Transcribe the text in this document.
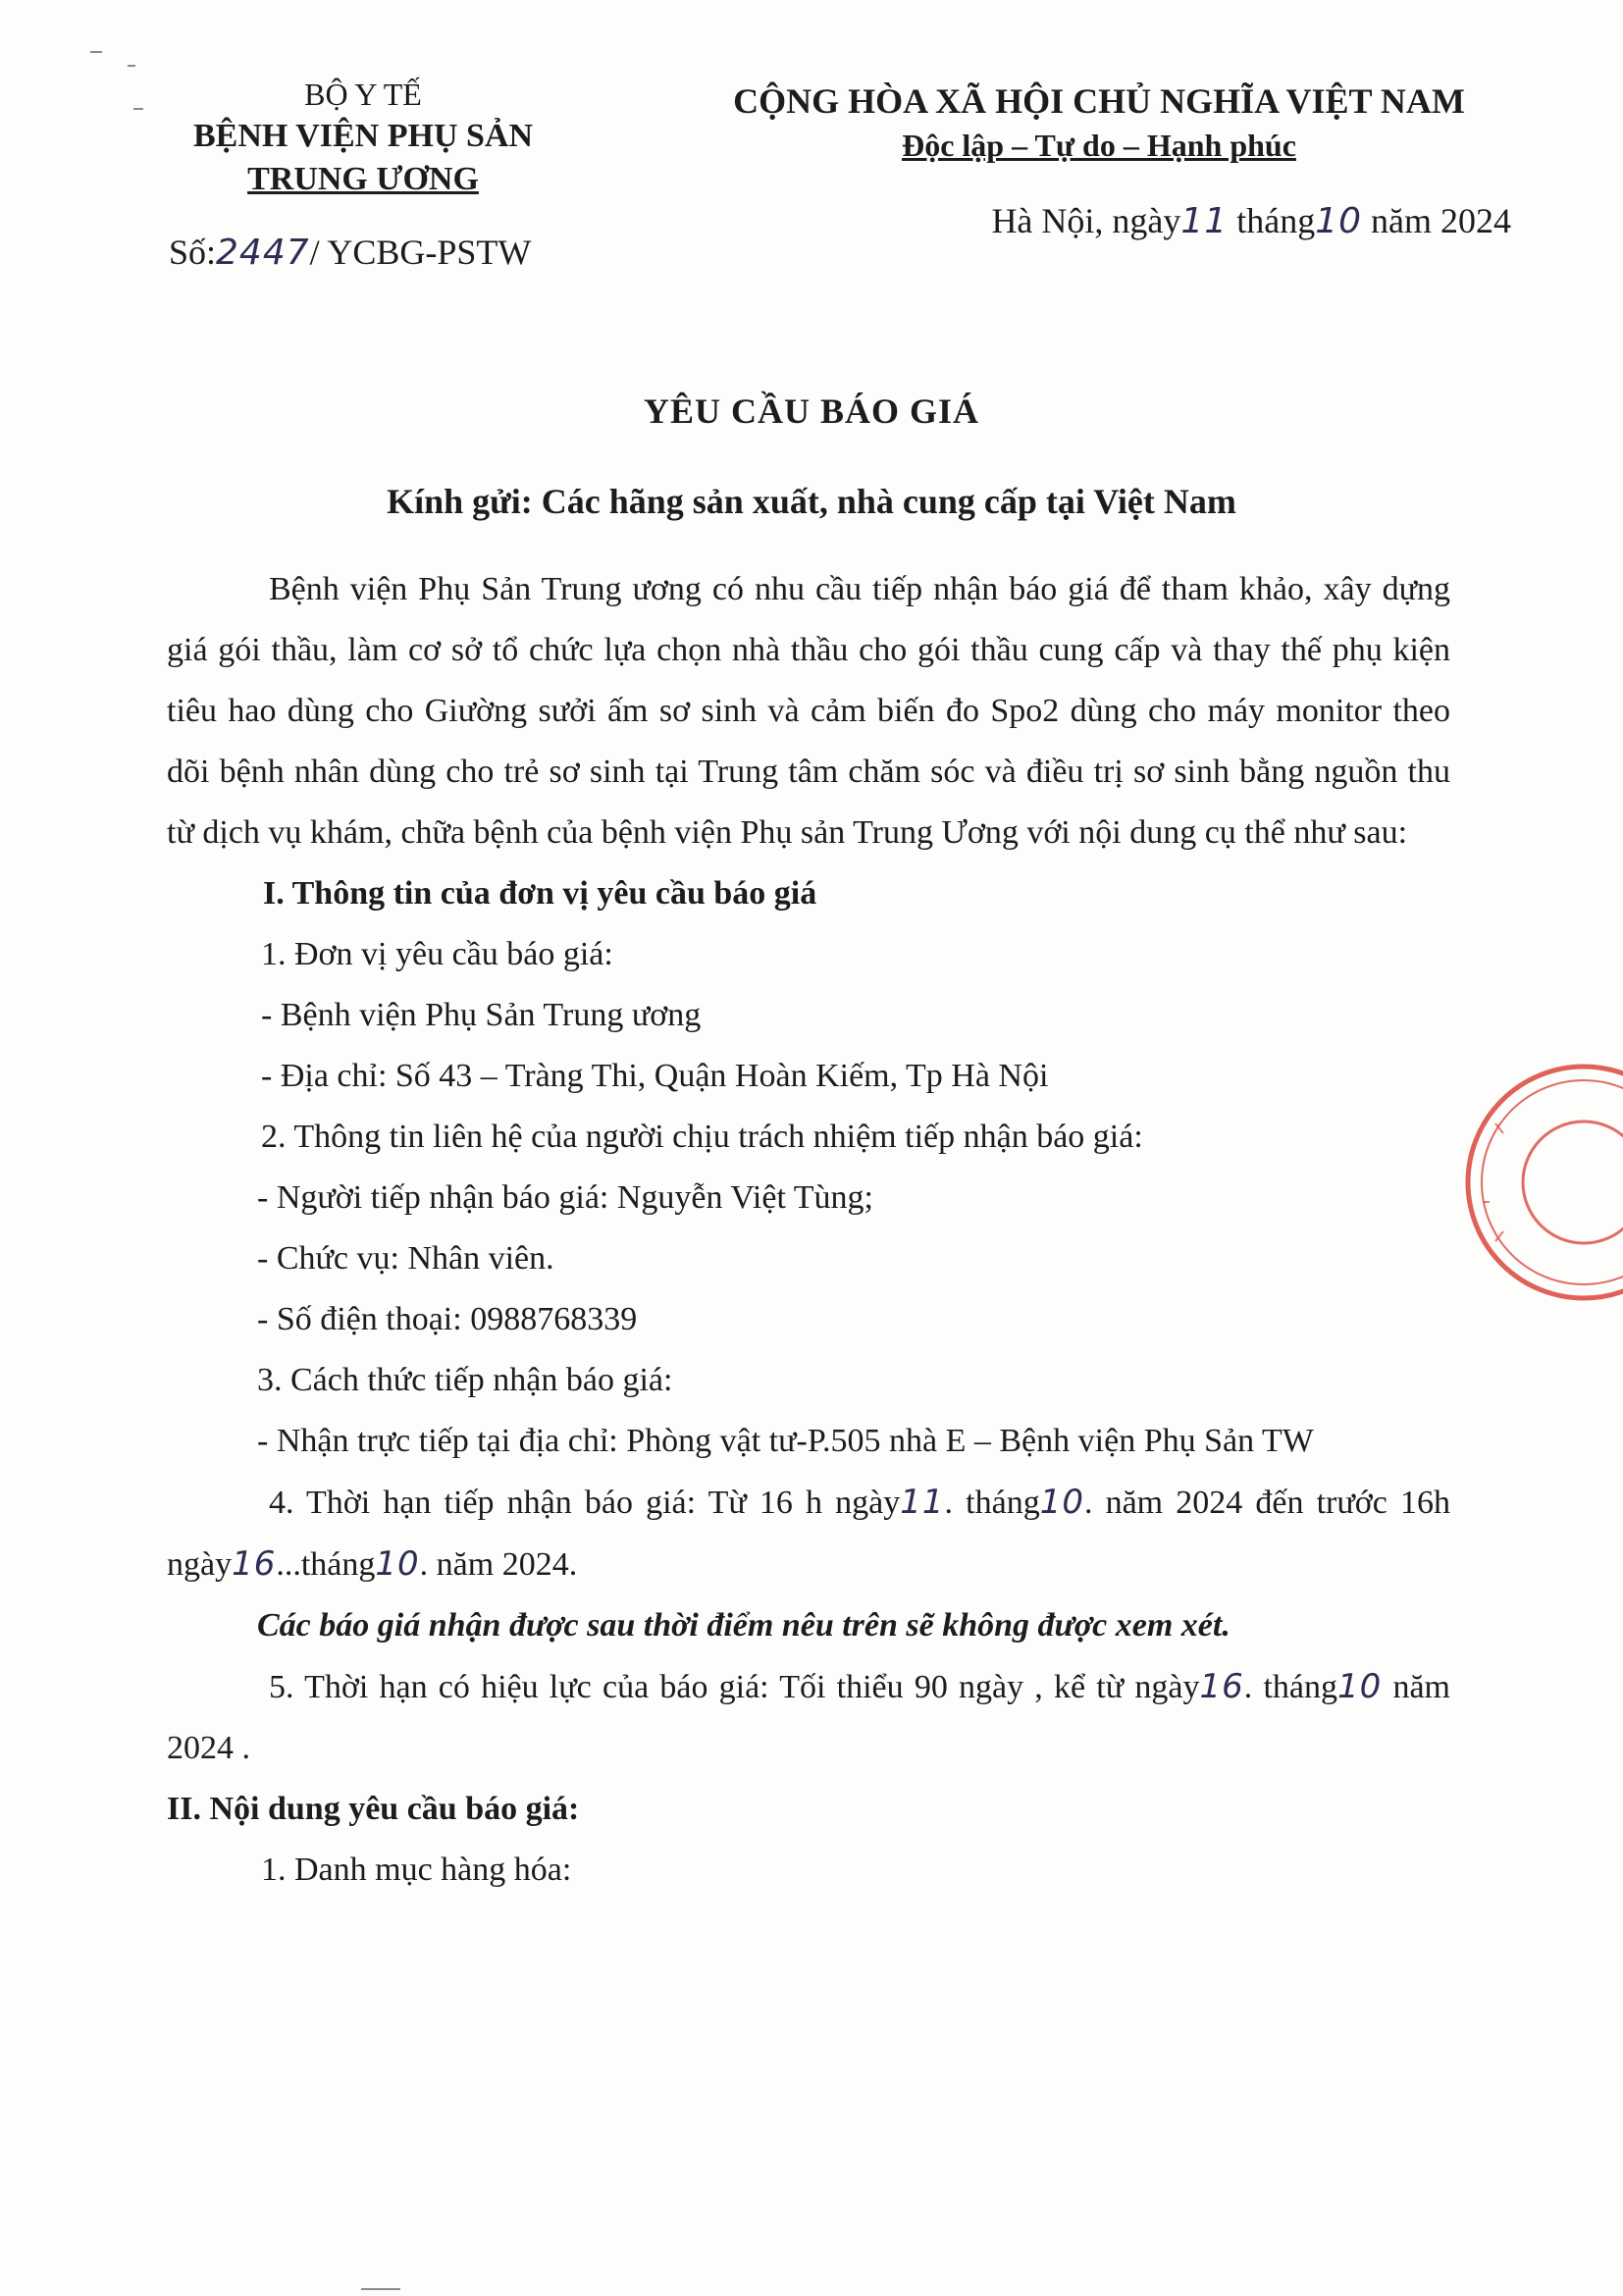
BỘ Y TẾ
BỆNH VIỆN PHỤ SẢN
TRUNG ƯƠNG
Số:2447/ YCBG-PSTW
CỘNG HÒA XÃ HỘI CHỦ NGHĨA VIỆT NAM
Độc lập – Tự do – Hạnh phúc
Hà Nội, ngày11 tháng10 năm 2024
YÊU CẦU BÁO GIÁ
Kính gửi: Các hãng sản xuất, nhà cung cấp tại Việt Nam

Bệnh viện Phụ Sản Trung ương có nhu cầu tiếp nhận báo giá để tham khảo, xây dựng giá gói thầu, làm cơ sở tổ chức lựa chọn nhà thầu cho gói thầu cung cấp và thay thế phụ kiện tiêu hao dùng cho Giường sưởi ấm sơ sinh và cảm biến đo Spo2 dùng cho máy monitor theo dõi bệnh nhân dùng cho trẻ sơ sinh tại Trung tâm chăm sóc và điều trị sơ sinh bằng nguồn thu từ dịch vụ khám, chữa bệnh của bệnh viện Phụ sản Trung Ương với nội dung cụ thể như sau:

I. Thông tin của đơn vị yêu cầu báo giá

1. Đơn vị yêu cầu báo giá:

- Bệnh viện Phụ Sản Trung ương

- Địa chỉ: Số 43 – Tràng Thi, Quận Hoàn Kiếm, Tp Hà Nội

2. Thông tin liên hệ của người chịu trách nhiệm tiếp nhận báo giá:

- Người tiếp nhận báo giá: Nguyễn Việt Tùng;

- Chức vụ: Nhân viên.

- Số điện thoại: 0988768339

3. Cách thức tiếp nhận báo giá:

- Nhận trực tiếp tại địa chỉ: Phòng vật tư-P.505 nhà E – Bệnh viện Phụ Sản TW

4. Thời hạn tiếp nhận báo giá: Từ 16 h ngày11. tháng10. năm 2024 đến trước 16h ngày16...tháng10. năm 2024.

Các báo giá nhận được sau thời điểm nêu trên sẽ không được xem xét.

5. Thời hạn có hiệu lực của báo giá: Tối thiểu 90 ngày , kể từ ngày16. tháng10 năm 2024 .

II. Nội dung yêu cầu báo giá:

1. Danh mục hàng hóa:
